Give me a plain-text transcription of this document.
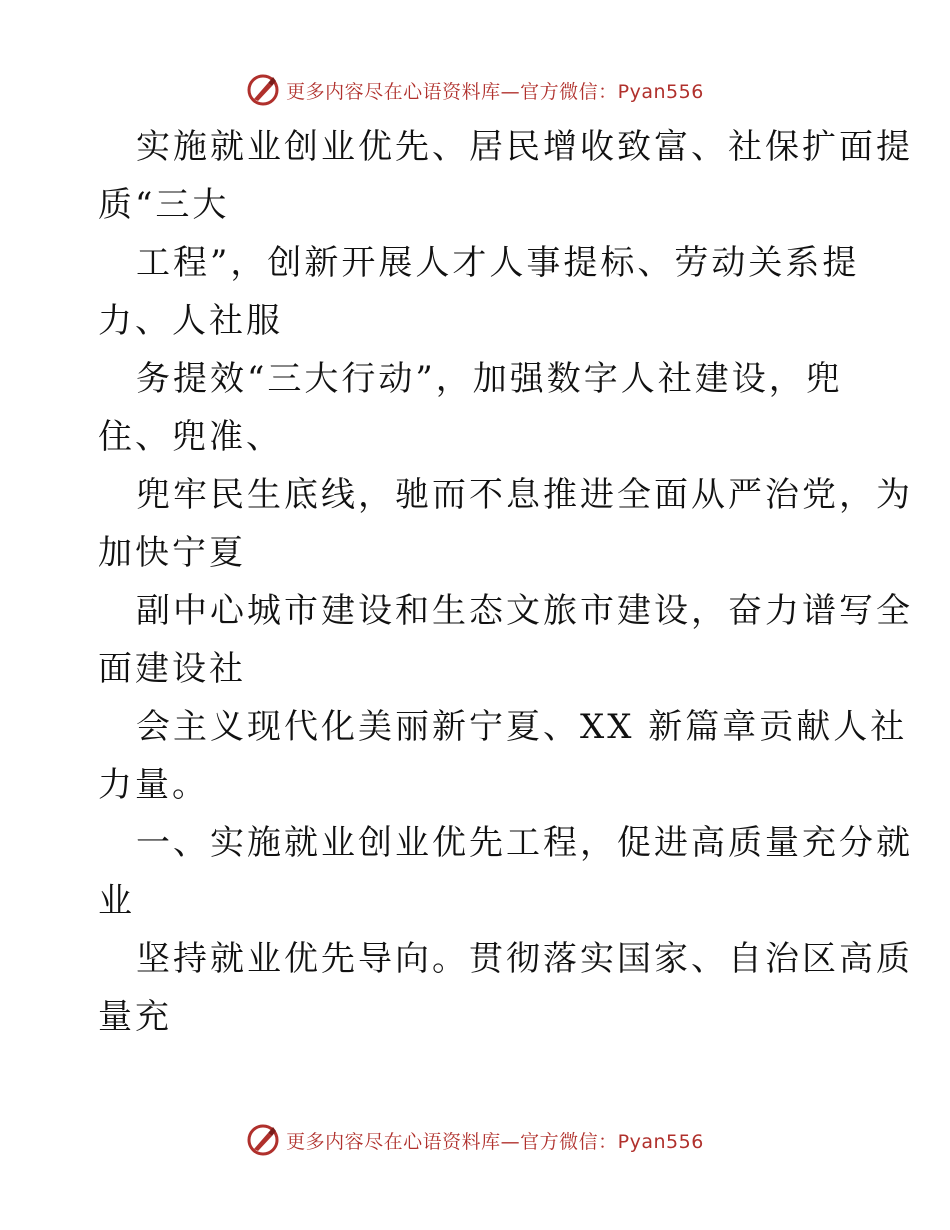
更多内容尽在心语资料库—官方微信：Pyan556
实施就业创业优先、居民增收致富、社保扩面提
质“三大
工程”，创新开展人才人事提标、劳动关系提
力、人社服
务提效“三大行动”，加强数字人社建设，兜
住、兜准、
兜牢民生底线，驰而不息推进全面从严治党，为
加快宁夏
副中心城市建设和生态文旅市建设，奋力谱写全
面建设社
会主义现代化美丽新宁夏、XX 新篇章贡献人社
力量。
一、实施就业创业优先工程，促进高质量充分就
业
坚持就业优先导向。贯彻落实国家、自治区高质
量充
更多内容尽在心语资料库—官方微信：Pyan556
